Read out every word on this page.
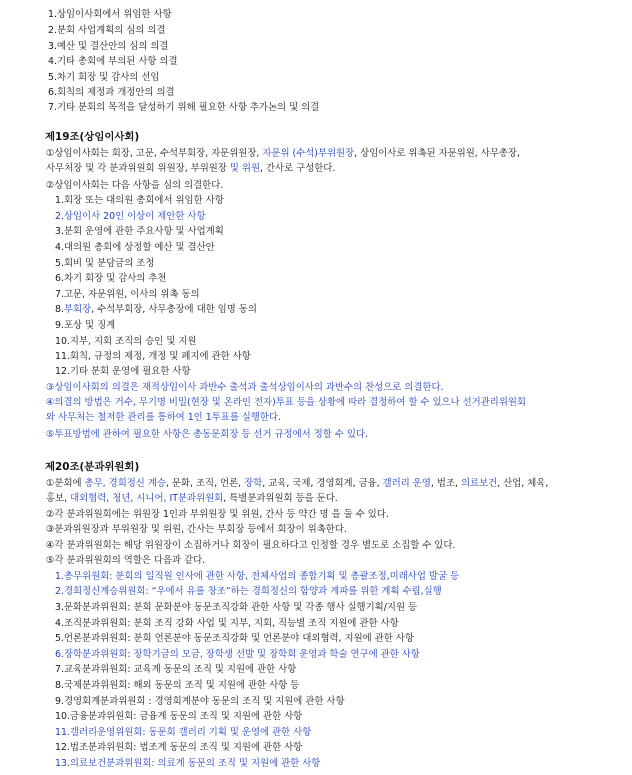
1.상임이사회에서 위임한 사항
2.분회 사업계획의 심의 의결
3.예산 및 결산안의 심의 의결
4.기타 총회에 부의된 사항 의결
5.차기 회장 및 감사의 선임
6.회칙의 제정과 개정안의 의결
7.기타 분회의 목적을 달성하기 위해 필요한 사항 추가논의 및 의결
제19조(상임이사회)
①상임이사회는 회장, 고문, 수석부회장, 자문위원장, 자문위 (수석)부위원장, 상임이사로 위촉된 자문위원, 사무총장,
사무처장 및 각 분과위원회 위원장, 부위원장 및 위원, 간사로 구성한다.
②상임이사회는 다음 사항을 심의 의결한다.
1.회장 또는 대의원 총회에서 위임한 사항
2.상임이사 20인 이상이 제안한 사항
3.분회 운영에 관한 주요사항 및 사업계획
4.대의원 총회에 상정할 예산 및 결산안
5.회비 및 분담금의 조정
6.차기 회장 및 감사의 추천
7.고문, 자문위원, 이사의 위촉 동의
8.부회장, 수석부회장, 사무총장에 대한 임명 동의
9.포상 및 징계
10.지부, 지회 조직의 승인 및 지원
11.회칙, 규정의 제정, 개정 및 폐지에 관한 사항
12.기타 분회 운영에 필요한 사항
③상임이사회의 의결은 재적상임이사 과반수 출석과 출석상임이사의 과반수의 찬성으로 의결한다.
④의결의 방법은 거수, 무기명 비밀(현장 및 온라인 전자)투표 등을 상황에 따라 결정하여 할 수 있으나 선거관리위원회
와 사무처는 철저한 관리를 통하여 1인 1투표를 실행한다.
⑤투표방법에 관하여 필요한 사항은 총동문회장 등 선거 규정에서 정할 수 있다.
제20조(분과위원회)
①분회에 총무, 경희정신 계승, 문화, 조직, 언론, 장학, 교육, 국제, 경영회계, 금융, 갤러리 운영, 법조, 의료보건, 산업, 체육,
홍보, 대외협력, 청년, 시니어, IT분과위원회, 특별분과위원회 등을 둔다.
②각 분과위원회에는 위원장 1인과 부위원장 및 위원, 간사 등 약간 명 을 둘 수 있다.
③분과위원장과 부위원장 및 위원, 간사는 부회장 등에서 회장이 위촉한다.
④각 분과위원회는 해당 위원장이 소집하거나 회장이 필요하다고 인정할 경우 별도로 소집할 수 있다.
⑤각 분과위원회의 역할은 다음과 같다.
1.총무위원회: 분회의 일직원 인사에 관한 사항, 전체사업의 종합기획 및 총괄조정,미래사업 발굴 등
2.경희정신계승위원회: “우에서 유를 창조”하는 경희정신의 함양과 계파를 위한 계획 수립,실행
3.문화분과위원회: 분회 문화분야 동문조직강화 관한 사항 및 각종 행사 실행기획/지원 등
4.조직분과위원회: 분회 조직 강화 사업 및 지부, 지회, 직능별 조직 지원에 관한 사항
5.언론분과위원회: 분회 언론분야 동문조직강화 및 언론분야 대외협력, 지원에 관한 사항
6.장학분과위원회: 장학기금의 모금, 장학생 선발 및 장학회 운영과 학술 연구에 관한 사항
7.교육분과위원회: 교육계 동문의 조직 및 지원에 관한 사항
8.국제분과위원회: 해외 동문의 조직 및 지원에 관한 사항 등
9.경영회계분과위원회 : 경영회계분야 동문의 조직 및 지원에 관한 사항
10.금융분과위원회: 금융계 동문의 조직 및 지원에 관한 사항
11.갤러리운영위원회: 동문회 갤러리 기획 및 운영에 관한 사항
12.법조분과위원회: 법조계 동문의 조직 및 지원에 관한 사항
13.의료보건분과위원회: 의료계 동문의 조직 및 지원에 관한 사항
